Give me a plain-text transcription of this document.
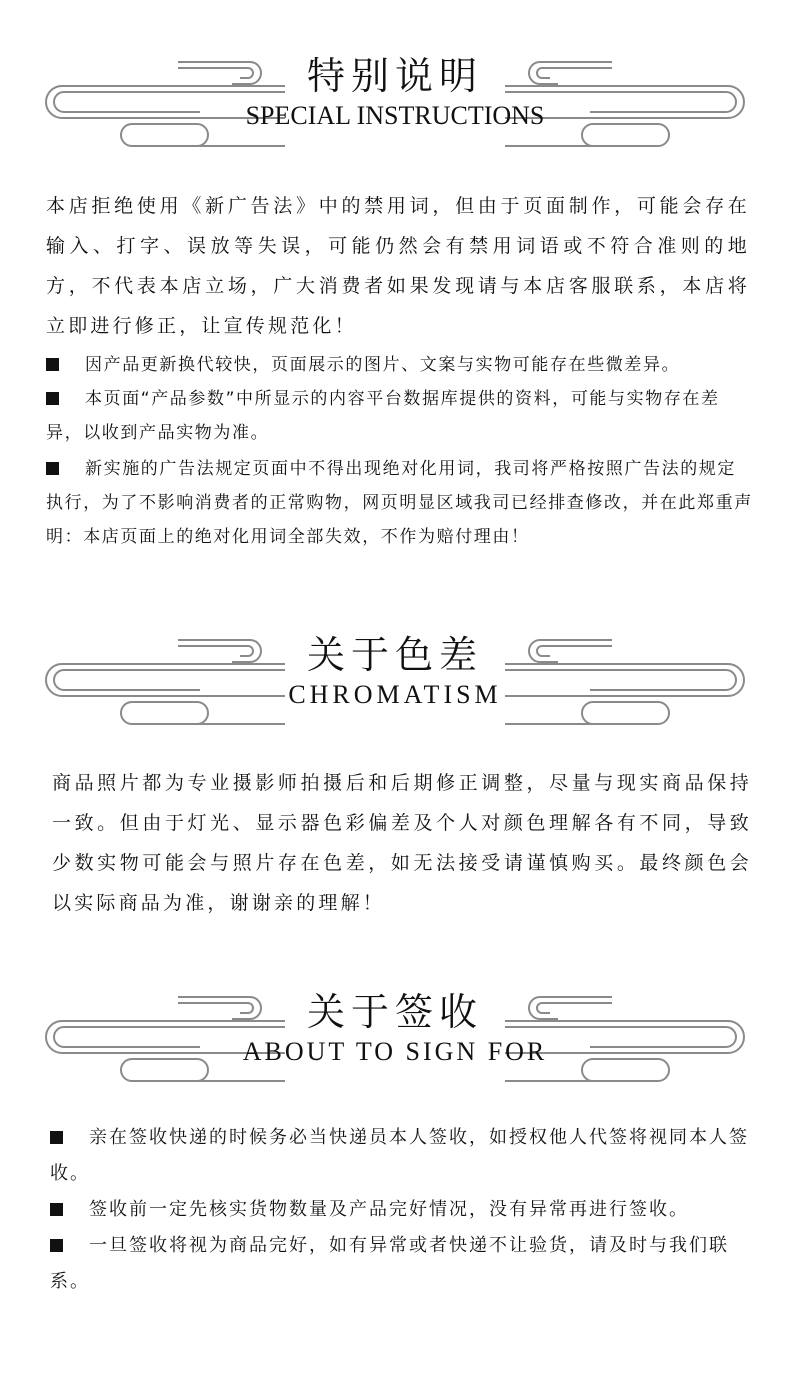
特别说明
SPECIAL INSTRUCTIONS

本店拒绝使用《新广告法》中的禁用词，但由于页面制作，可能会存在输入、打字、误放等失误，可能仍然会有禁用词语或不符合准则的地方，不代表本店立场，广大消费者如果发现请与本店客服联系，本店将立即进行修正，让宣传规范化！

因产品更新换代较快，页面展示的图片、文案与实物可能存在些微差异。

本页面“产品参数”中所显示的内容平台数据库提供的资料，可能与实物存在差异，以收到产品实物为准。

新实施的广告法规定页面中不得出现绝对化用词，我司将严格按照广告法的规定执行，为了不影响消费者的正常购物，网页明显区域我司已经排查修改，并在此郑重声明：本店页面上的绝对化用词全部失效，不作为赔付理由！

关于色差
CHROMATISM

商品照片都为专业摄影师拍摄后和后期修正调整，尽量与现实商品保持一致。但由于灯光、显示器色彩偏差及个人对颜色理解各有不同，导致少数实物可能会与照片存在色差，如无法接受请谨慎购买。最终颜色会以实际商品为准，谢谢亲的理解！

关于签收
ABOUT TO SIGN FOR

亲在签收快递的时候务必当快递员本人签收，如授权他人代签将视同本人签收。

签收前一定先核实货物数量及产品完好情况，没有异常再进行签收。

一旦签收将视为商品完好，如有异常或者快递不让验货，请及时与我们联系。
